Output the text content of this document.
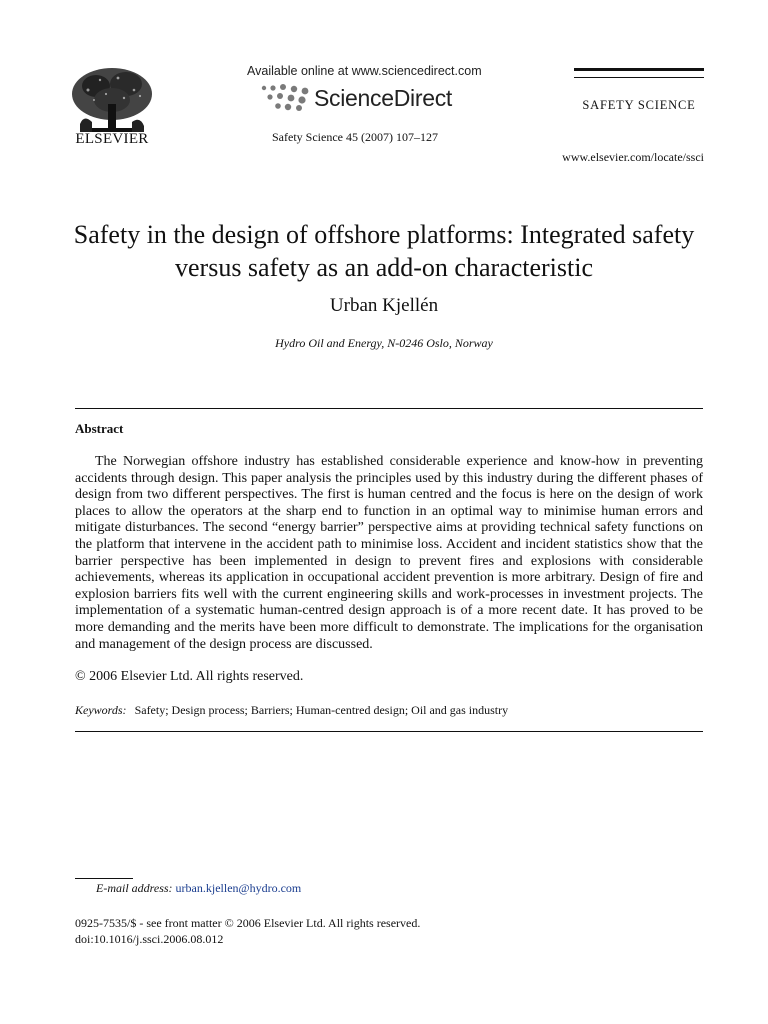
ELSEVIER
Available online at www.sciencedirect.com
ScienceDirect
Safety Science 45 (2007) 107–127
SAFETY SCIENCE
www.elsevier.com/locate/ssci
Safety in the design of offshore platforms: Integrated safety versus safety as an add-on characteristic
Urban Kjellén
Hydro Oil and Energy, N-0246 Oslo, Norway
Abstract
The Norwegian offshore industry has established considerable experience and know-how in preventing accidents through design. This paper analysis the principles used by this industry during the different phases of design from two different perspectives. The first is human centred and the focus is here on the design of work places to allow the operators at the sharp end to function in an optimal way to minimise human errors and mitigate disturbances. The second “energy barrier” perspective aims at providing technical safety functions on the platform that intervene in the accident path to minimise loss. Accident and incident statistics show that the barrier perspective has been implemented in design to prevent fires and explosions with considerable achievements, whereas its application in occupational accident prevention is more arbitrary. Design of fire and explosion barriers fits well with the current engineering skills and work-processes in investment projects. The implementation of a systematic human-centred design approach is of a more recent date. It has proved to be more demanding and the merits have been more difficult to demonstrate. The implications for the organisation and management of the design process are discussed.
© 2006 Elsevier Ltd. All rights reserved.
Keywords: Safety; Design process; Barriers; Human-centred design; Oil and gas industry
E-mail address: urban.kjellen@hydro.com
0925-7535/$ - see front matter © 2006 Elsevier Ltd. All rights reserved.
doi:10.1016/j.ssci.2006.08.012
